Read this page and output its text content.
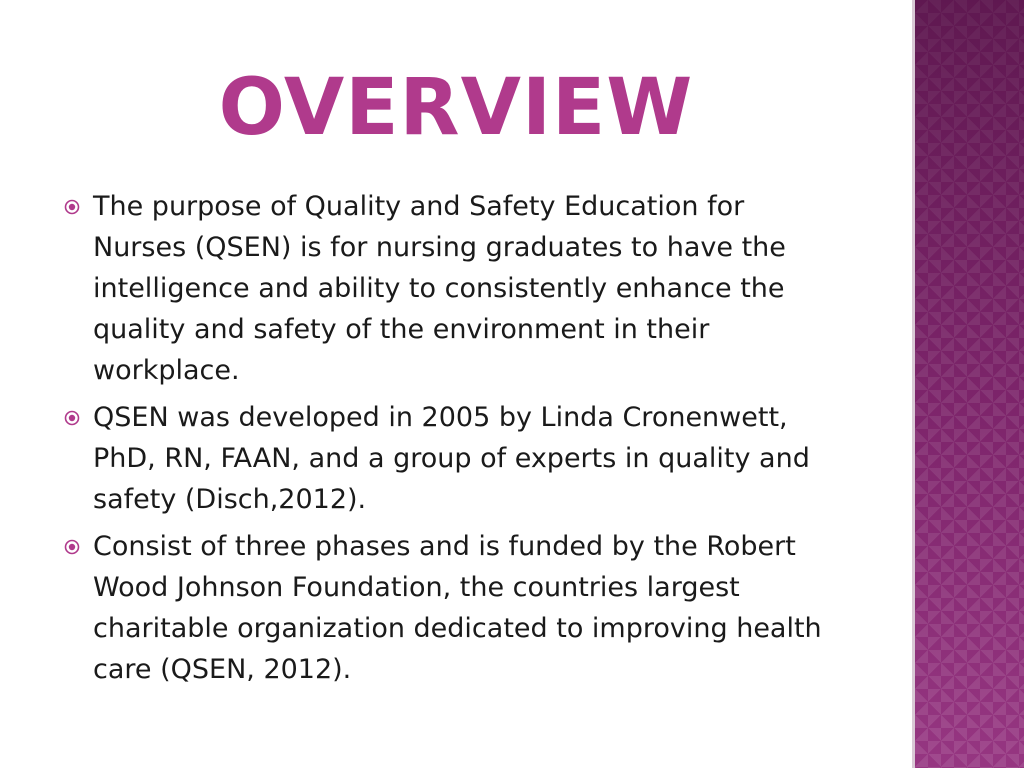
OVERVIEW
The purpose of Quality and Safety Education for Nurses (QSEN) is for nursing graduates to have the intelligence and ability to consistently enhance the quality and safety of the environment in their workplace.
QSEN was developed in 2005 by Linda Cronenwett, PhD, RN, FAAN, and a group of experts in quality and safety (Disch,2012).
Consist of three phases and is funded by the Robert Wood Johnson Foundation, the countries largest charitable organization dedicated to improving health care (QSEN, 2012).
